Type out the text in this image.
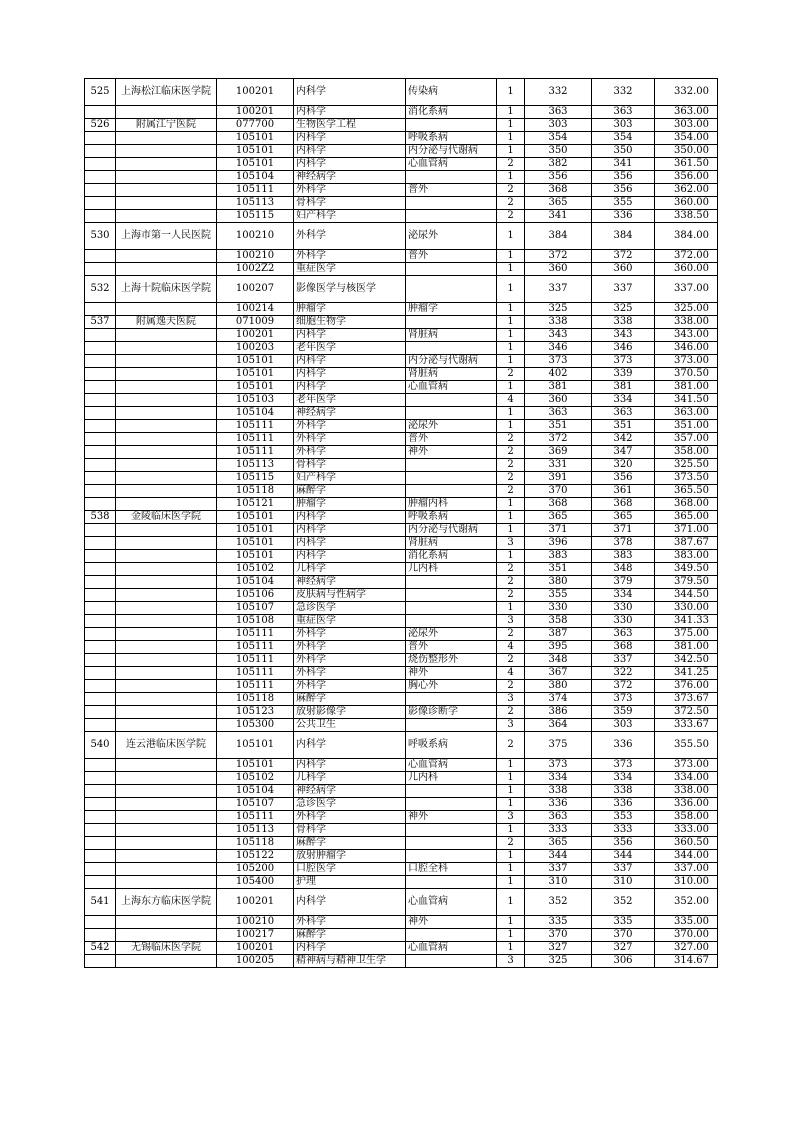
525	上海松江临床医学院	100201	内科学	传染病	1	332	332	332.00
		100201	内科学	消化系病	1	363	363	363.00
526	附属江宁医院	077700	生物医学工程		1	303	303	303.00
		105101	内科学	呼吸系病	1	354	354	354.00
		105101	内科学	内分泌与代谢病	1	350	350	350.00
		105101	内科学	心血管病	2	382	341	361.50
		105104	神经病学		1	356	356	356.00
		105111	外科学	普外	2	368	356	362.00
		105113	骨科学		2	365	355	360.00
		105115	妇产科学		2	341	336	338.50
530	上海市第一人民医院	100210	外科学	泌尿外	1	384	384	384.00
		100210	外科学	普外	1	372	372	372.00
		1002Z2	重症医学		1	360	360	360.00
532	上海十院临床医学院	100207	影像医学与核医学		1	337	337	337.00
		100214	肿瘤学	肿瘤学	1	325	325	325.00
537	附属逸夫医院	071009	细胞生物学		1	338	338	338.00
		100201	内科学	肾脏病	1	343	343	343.00
		100203	老年医学		1	346	346	346.00
		105101	内科学	内分泌与代谢病	1	373	373	373.00
		105101	内科学	肾脏病	2	402	339	370.50
		105101	内科学	心血管病	1	381	381	381.00
		105103	老年医学		4	360	334	341.50
		105104	神经病学		1	363	363	363.00
		105111	外科学	泌尿外	1	351	351	351.00
		105111	外科学	普外	2	372	342	357.00
		105111	外科学	神外	2	369	347	358.00
		105113	骨科学		2	331	320	325.50
		105115	妇产科学		2	391	356	373.50
		105118	麻醉学		2	370	361	365.50
		105121	肿瘤学	肿瘤内科	1	368	368	368.00
538	金陵临床医学院	105101	内科学	呼吸系病	1	365	365	365.00
		105101	内科学	内分泌与代谢病	1	371	371	371.00
		105101	内科学	肾脏病	3	396	378	387.67
		105101	内科学	消化系病	1	383	383	383.00
		105102	儿科学	儿内科	2	351	348	349.50
		105104	神经病学		2	380	379	379.50
		105106	皮肤病与性病学		2	355	334	344.50
		105107	急诊医学		1	330	330	330.00
		105108	重症医学		3	358	330	341.33
		105111	外科学	泌尿外	2	387	363	375.00
		105111	外科学	普外	4	395	368	381.00
		105111	外科学	烧伤整形外	2	348	337	342.50
		105111	外科学	神外	4	367	322	341.25
		105111	外科学	胸心外	2	380	372	376.00
		105118	麻醉学		3	374	373	373.67
		105123	放射影像学	影像诊断学	2	386	359	372.50
		105300	公共卫生		3	364	303	333.67
540	连云港临床医学院	105101	内科学	呼吸系病	2	375	336	355.50
		105101	内科学	心血管病	1	373	373	373.00
		105102	儿科学	儿内科	1	334	334	334.00
		105104	神经病学		1	338	338	338.00
		105107	急诊医学		1	336	336	336.00
		105111	外科学	神外	3	363	353	358.00
		105113	骨科学		1	333	333	333.00
		105118	麻醉学		2	365	356	360.50
		105122	放射肿瘤学		1	344	344	344.00
		105200	口腔医学	口腔全科	1	337	337	337.00
		105400	护理		1	310	310	310.00
541	上海东方临床医学院	100201	内科学	心血管病	1	352	352	352.00
		100210	外科学	神外	1	335	335	335.00
		100217	麻醉学		1	370	370	370.00
542	无锡临床医学院	100201	内科学	心血管病	1	327	327	327.00
		100205	精神病与精神卫生学		3	325	306	314.67
